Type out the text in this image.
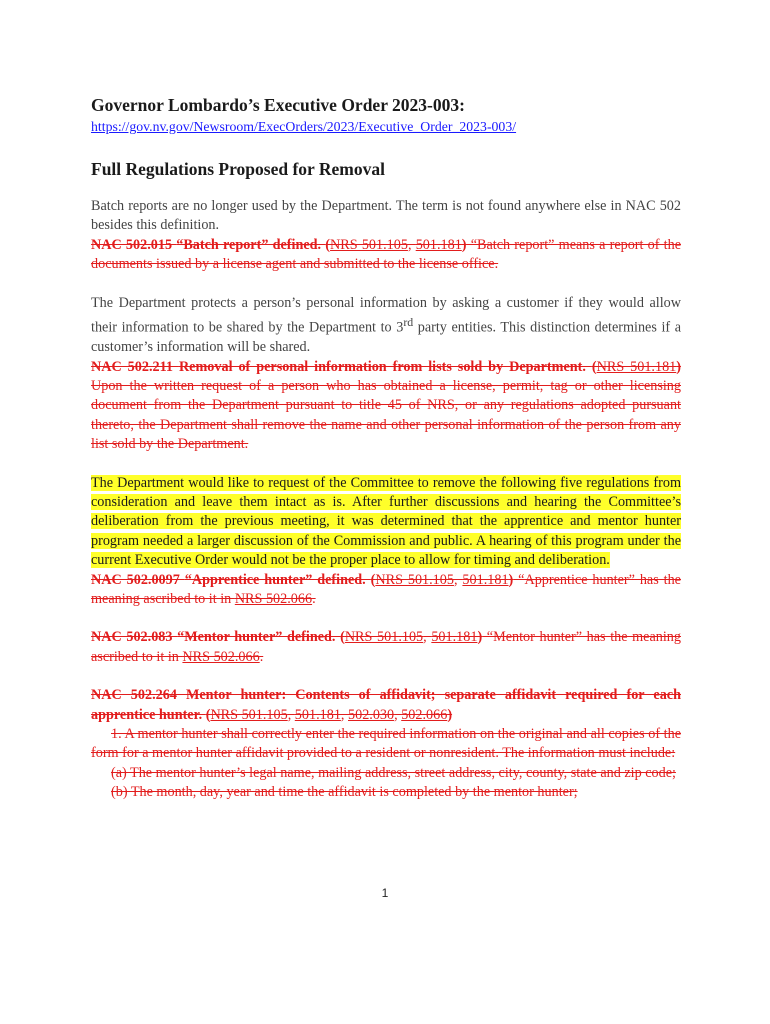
Governor Lombardo’s Executive Order 2023-003:
https://gov.nv.gov/Newsroom/ExecOrders/2023/Executive_Order_2023-003/
Full Regulations Proposed for Removal

Batch reports are no longer used by the Department. The term is not found anywhere else in NAC 502 besides this definition.

NAC 502.015 “Batch report” defined. (NRS 501.105, 501.181) “Batch report” means a report of the documents issued by a license agent and submitted to the license office.

The Department protects a person’s personal information by asking a customer if they would allow their information to be shared by the Department to 3rd party entities. This distinction determines if a customer’s information will be shared.

NAC 502.211 Removal of personal information from lists sold by Department. (NRS 501.181) Upon the written request of a person who has obtained a license, permit, tag or other licensing document from the Department pursuant to title 45 of NRS, or any regulations adopted pursuant thereto, the Department shall remove the name and other personal information of the person from any list sold by the Department.

The Department would like to request of the Committee to remove the following five regulations from consideration and leave them intact as is. After further discussions and hearing the Committee’s deliberation from the previous meeting, it was determined that the apprentice and mentor hunter program needed a larger discussion of the Commission and public. A hearing of this program under the current Executive Order would not be the proper place to allow for timing and deliberation.

NAC 502.0097 “Apprentice hunter” defined. (NRS 501.105, 501.181) “Apprentice hunter” has the meaning ascribed to it in NRS 502.066.

NAC 502.083 “Mentor hunter” defined. (NRS 501.105, 501.181) “Mentor hunter” has the meaning ascribed to it in NRS 502.066.

NAC 502.264 Mentor hunter: Contents of affidavit; separate affidavit required for each apprentice hunter. (NRS 501.105, 501.181, 502.030, 502.066)

1. A mentor hunter shall correctly enter the required information on the original and all copies of the form for a mentor hunter affidavit provided to a resident or nonresident. The information must include:

(a) The mentor hunter’s legal name, mailing address, street address, city, county, state and zip code;

(b) The month, day, year and time the affidavit is completed by the mentor hunter;

1
